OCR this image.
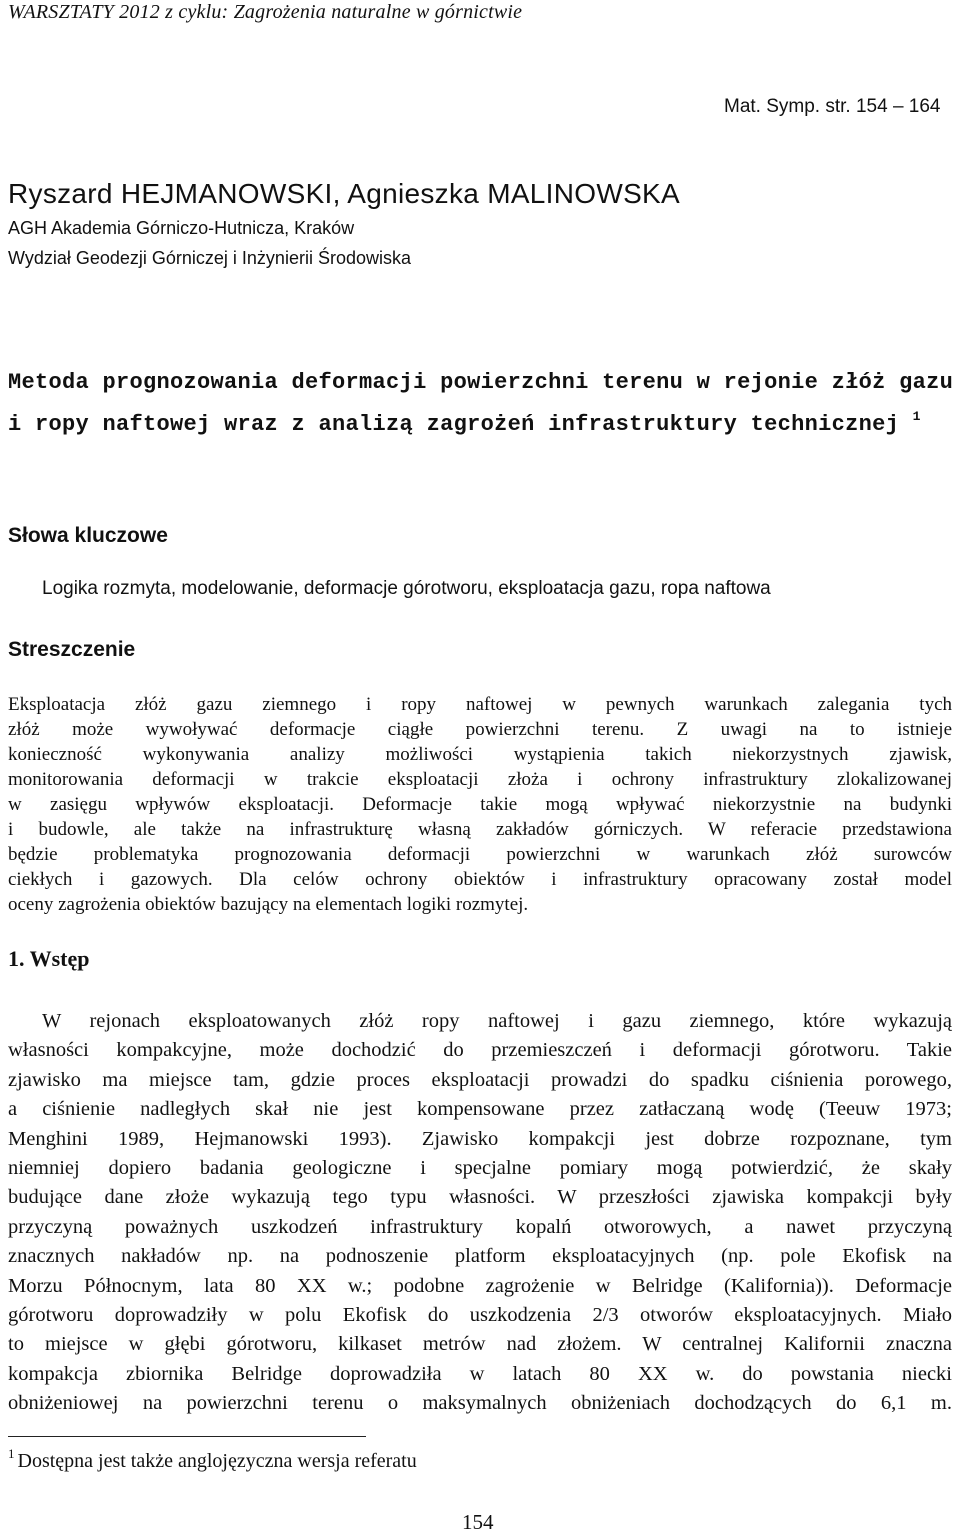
WARSZTATY 2012 z cyklu: Zagrożenia naturalne w górnictwie
Mat. Symp. str. 154 – 164
Ryszard HEJMANOWSKI, Agnieszka MALINOWSKA
AGH Akademia Górniczo-Hutnicza, Kraków
Wydział Geodezji Górniczej i Inżynierii Środowiska
Metoda prognozowania deformacji powierzchni terenu w rejonie złóż gazu
i ropy naftowej wraz z analizą zagrożeń infrastruktury technicznej $^1$
Słowa kluczowe
Logika rozmyta, modelowanie, deformacje górotworu, eksploatacja gazu, ropa naftowa
Streszczenie
Eksploatacja złóż gazu ziemnego i ropy naftowej w pewnych warunkach zalegania tych
złóż może wywoływać deformacje ciągłe powierzchni terenu. Z uwagi na to istnieje
konieczność wykonywania analizy możliwości wystąpienia takich niekorzystnych zjawisk,
monitorowania deformacji w trakcie eksploatacji złoża i ochrony infrastruktury zlokalizowanej
w zasięgu wpływów eksploatacji. Deformacje takie mogą wpływać niekorzystnie na budynki
i budowle, ale także na infrastrukturę własną zakładów górniczych. W referacie przedstawiona
będzie problematyka prognozowania deformacji powierzchni w warunkach złóż surowców
ciekłych i gazowych. Dla celów ochrony obiektów i infrastruktury opracowany został model
oceny zagrożenia obiektów bazujący na elementach logiki rozmytej.
1. Wstęp
W rejonach eksploatowanych złóż ropy naftowej i gazu ziemnego, które wykazują
własności kompakcyjne, może dochodzić do przemieszczeń i deformacji górotworu. Takie
zjawisko ma miejsce tam, gdzie proces eksploatacji prowadzi do spadku ciśnienia porowego,
a ciśnienie nadległych skał nie jest kompensowane przez zatłaczaną wodę (Teeuw 1973;
Menghini 1989, Hejmanowski 1993). Zjawisko kompakcji jest dobrze rozpoznane, tym
niemniej dopiero badania geologiczne i specjalne pomiary mogą potwierdzić, że skały
budujące dane złoże wykazują tego typu własności. W przeszłości zjawiska kompakcji były
przyczyną poważnych uszkodzeń infrastruktury kopalń otworowych, a nawet przyczyną
znacznych nakładów np. na podnoszenie platform eksploatacyjnych (np. pole Ekofisk na
Morzu Północnym, lata 80 XX w.; podobne zagrożenie w Belridge (Kalifornia)). Deformacje
górotworu doprowadziły w polu Ekofisk do uszkodzenia 2/3 otworów eksploatacyjnych. Miało
to miejsce w głębi górotworu, kilkaset metrów nad złożem. W centralnej Kalifornii znaczna
kompakcja zbiornika Belridge doprowadziła w latach 80 XX w. do powstania niecki
obniżeniowej na powierzchni terenu o maksymalnych obniżeniach dochodzących do 6,1 m.
$^1$ Dostępna jest także anglojęzyczna wersja referatu
154
